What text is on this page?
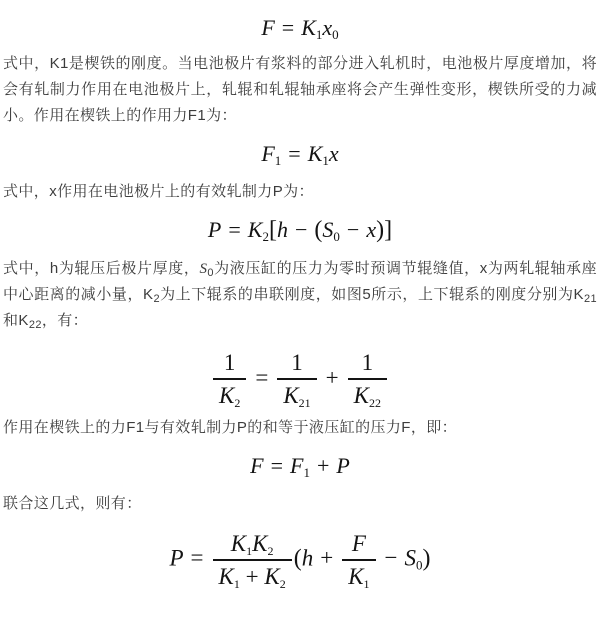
$F = K_1x_0$

式中，K1是楔铁的刚度。当电池极片有浆料的部分进入轧机时，电池极片厚度增加，将会有轧制力作用在电池极片上，轧辊和轧辊轴承座将会产生弹性变形，楔铁所受的力减小。作用在楔铁上的作用力F1为：

$F_1 = K_1x$

式中，x作用在电池极片上的有效轧制力P为：

$P = K_2[h - (S_0 - x)]$

式中，h为辊压后极片厚度，$S_0$为液压缸的压力为零时预调节辊缝值，x为两轧辊轴承座中心距离的减小量，$K_2$为上下辊系的串联刚度，如图5所示，上下辊系的刚度分别为$K_{21}$ 和$K_{22}$，有：

$\frac{1}{K_2} = \frac{1}{K_{21}} + \frac{1}{K_{22}}$

作用在楔铁上的力F1与有效轧制力P的和等于液压缸的压力F，即：

$F = F_1 + P$

联合这几式，则有：

$P = \frac{K_1K_2}{K_1 + K_2} (h + \frac{F}{K_1} - S_0)$
